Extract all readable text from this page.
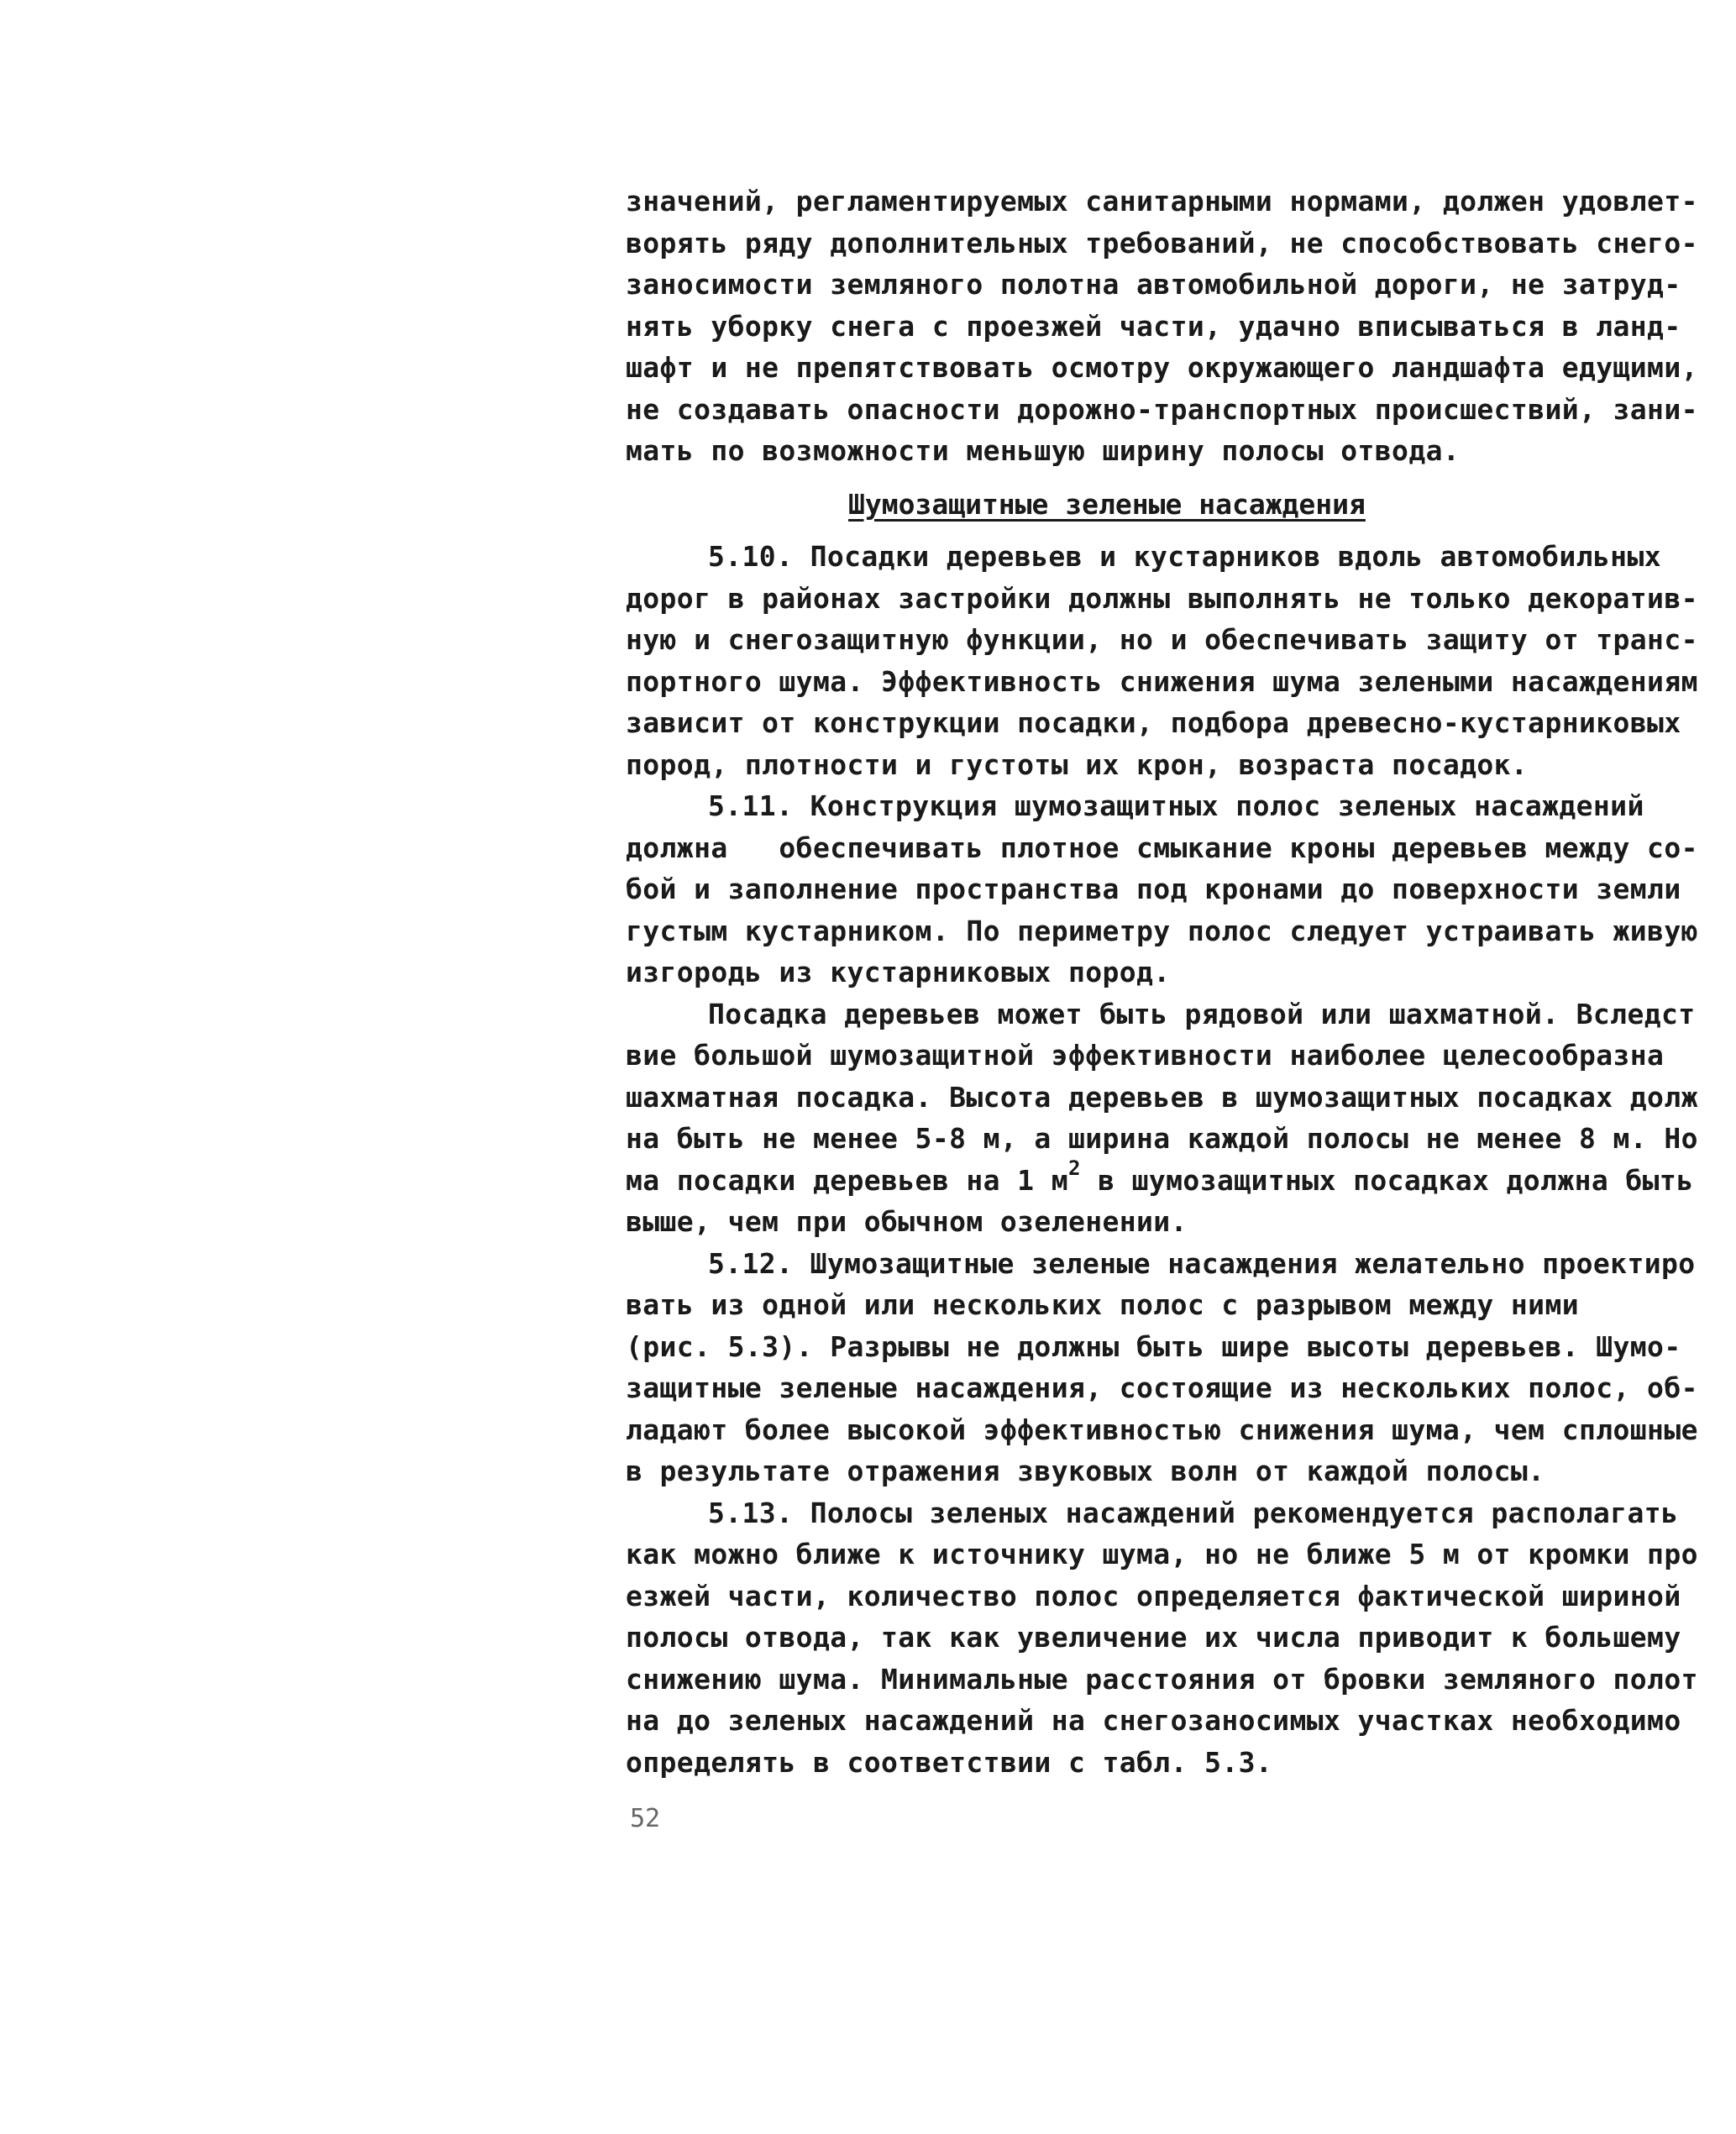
значений, регламентируемых санитарными нормами, должен удовлет-
ворять ряду дополнительных требований, не способствовать снего-
заносимости земляного полотна автомобильной дороги, не затруд-
нять уборку снега с проезжей части, удачно вписываться в ланд-
шафт и не препятствовать осмотру окружающего ландшафта едущими,
не создавать опасности дорожно-транспортных происшествий, зани-
мать по возможности меньшую ширину полосы отвода.
Шумозащитные зеленые насаждения
5.10. Посадки деревьев и кустарников вдоль автомобильных
дорог в районах застройки должны выполнять не только декоратив-
ную и снегозащитную функции, но и обеспечивать защиту от транс-
портного шума. Эффективность снижения шума зелеными насаждениям
зависит от конструкции посадки, подбора древесно-кустарниковых
пород, плотности и густоты их крон, возраста посадок.
5.11. Конструкция шумозащитных полос зеленых насаждений
должна   обеспечивать плотное смыкание кроны деревьев между со-
бой и заполнение пространства под кронами до поверхности земли
густым кустарником. По периметру полос следует устраивать живую
изгородь из кустарниковых пород.
Посадка деревьев может быть рядовой или шахматной. Вследст
вие большой шумозащитной эффективности наиболее целесообразна
шахматная посадка. Высота деревьев в шумозащитных посадках долж
на быть не менее 5-8 м, а ширина каждой полосы не менее 8 м. Но
ма посадки деревьев на 1 $м^2$ в шумозащитных посадках должна быть
выше, чем при обычном озеленении.
5.12. Шумозащитные зеленые насаждения желательно проектиро
вать из одной или нескольких полос с разрывом между ними
(рис. 5.3). Разрывы не должны быть шире высоты деревьев. Шумо-
защитные зеленые насаждения, состоящие из нескольких полос, об-
ладают более высокой эффективностью снижения шума, чем сплошные
в результате отражения звуковых волн от каждой полосы.
5.13. Полосы зеленых насаждений рекомендуется располагать
как можно ближе к источнику шума, но не ближе 5 м от кромки про
езжей части, количество полос определяется фактической шириной
полосы отвода, так как увеличение их числа приводит к большему
снижению шума. Минимальные расстояния от бровки земляного полот
на до зеленых насаждений на снегозаносимых участках необходимо
определять в соответствии с табл. 5.3.
52
